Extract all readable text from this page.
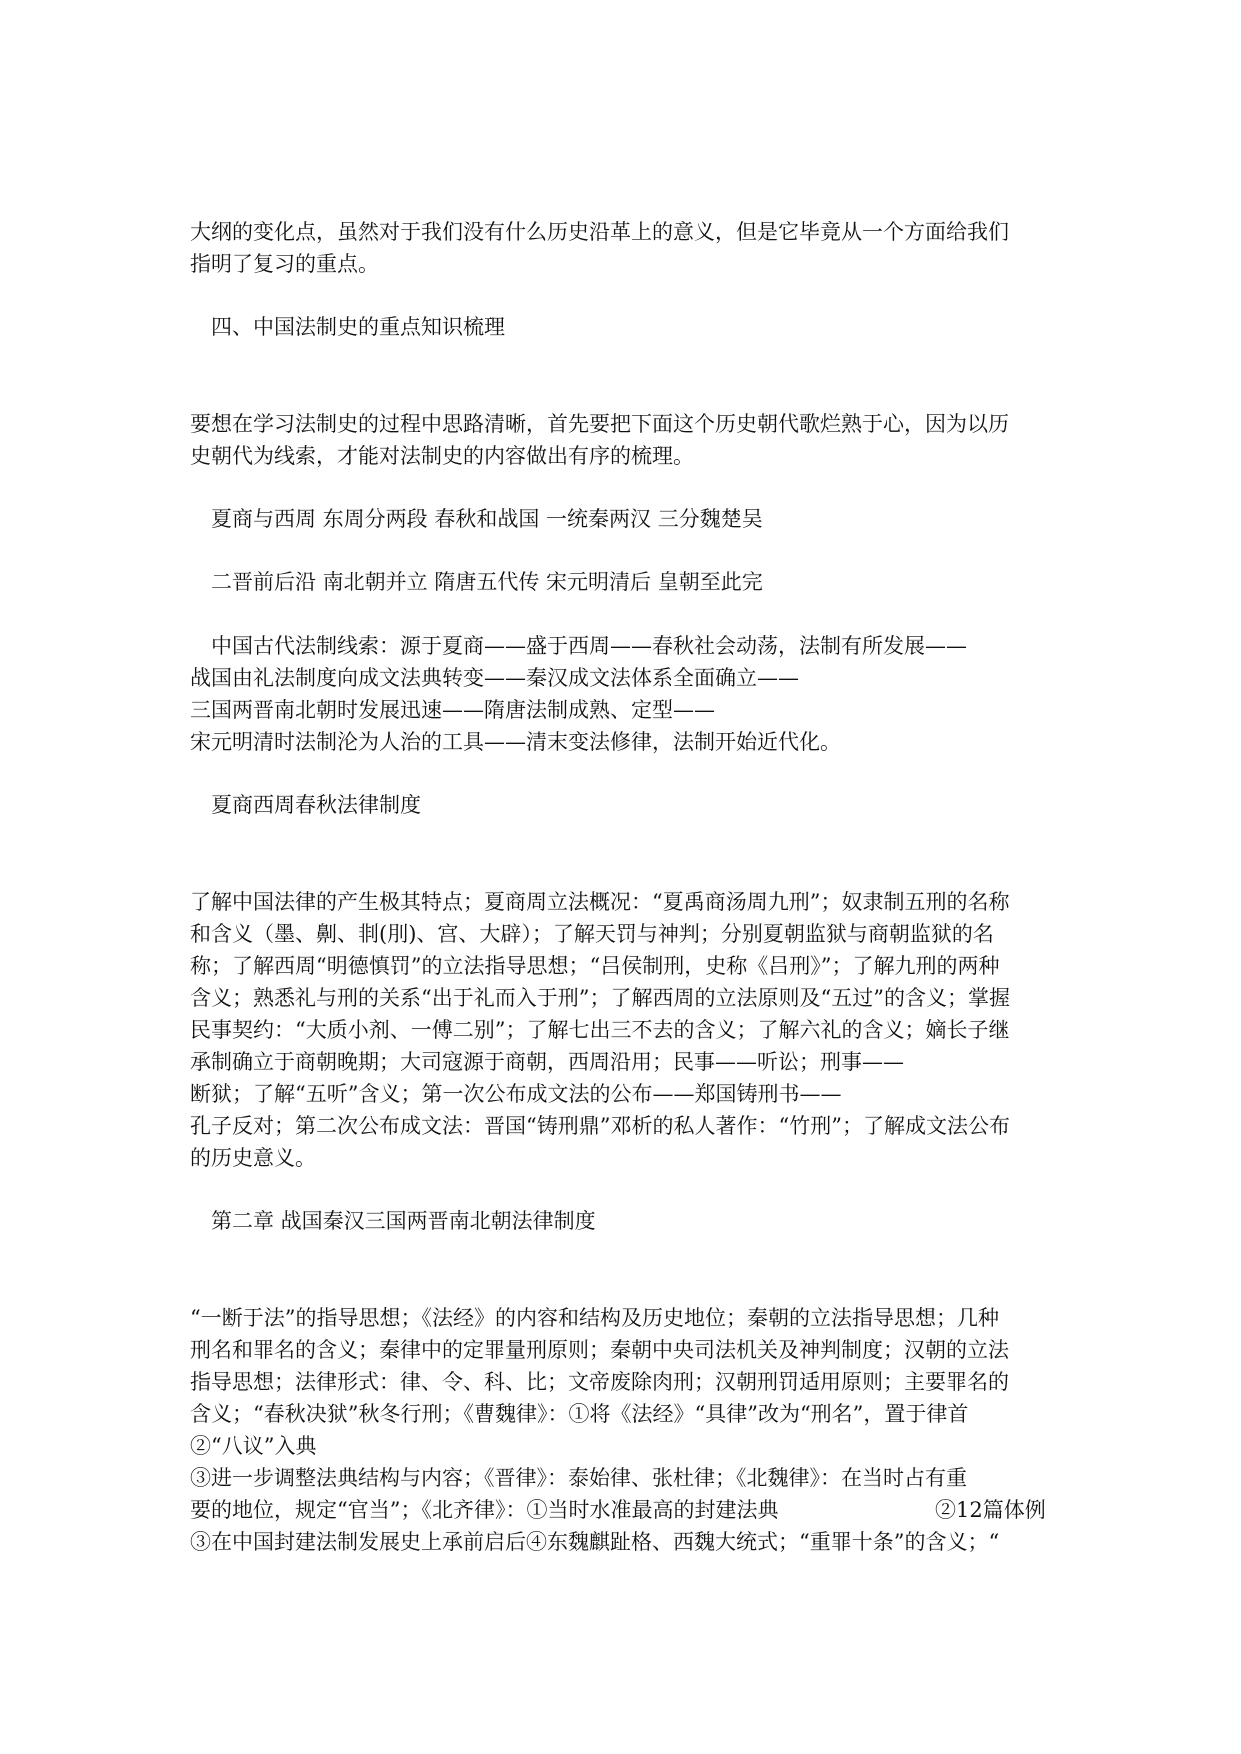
大纲的变化点，虽然对于我们没有什么历史沿革上的意义，但是它毕竟从一个方面给我们
指明了复习的重点。
四、中国法制史的重点知识梳理
要想在学习法制史的过程中思路清晰，首先要把下面这个历史朝代歌烂熟于心，因为以历
史朝代为线索，才能对法制史的内容做出有序的梳理。
夏商与西周 东周分两段 春秋和战国 一统秦两汉 三分魏楚吴
二晋前后沿 南北朝并立 隋唐五代传 宋元明清后 皇朝至此完
中国古代法制线索：源于夏商——盛于西周——春秋社会动荡，法制有所发展——
战国由礼法制度向成文法典转变——秦汉成文法体系全面确立——
三国两晋南北朝时发展迅速——隋唐法制成熟、定型——
宋元明清时法制沦为人治的工具——清末变法修律，法制开始近代化。
夏商西周春秋法律制度
了解中国法律的产生极其特点；夏商周立法概况：“夏禹商汤周九刑”；奴隶制五刑的名称
和含义（墨、劓、剕(刖)、宫、大辟）；了解天罚与神判；分别夏朝监狱与商朝监狱的名
称；了解西周“明德慎罚”的立法指导思想；“吕侯制刑，史称《吕刑》”；了解九刑的两种
含义；熟悉礼与刑的关系“出于礼而入于刑”；了解西周的立法原则及“五过”的含义；掌握
民事契约：“大质小剂、一傅二别”；了解七出三不去的含义；了解六礼的含义；嫡长子继
承制确立于商朝晚期；大司寇源于商朝，西周沿用；民事——听讼；刑事——
断狱；了解“五听”含义；第一次公布成文法的公布——郑国铸刑书——
孔子反对；第二次公布成文法：晋国“铸刑鼎”邓析的私人著作：“竹刑”；了解成文法公布
的历史意义。
第二章 战国秦汉三国两晋南北朝法律制度
“一断于法”的指导思想；《法经》的内容和结构及历史地位；秦朝的立法指导思想；几种
刑名和罪名的含义；秦律中的定罪量刑原则；秦朝中央司法机关及神判制度；汉朝的立法
指导思想；法律形式：律、令、科、比；文帝废除肉刑；汉朝刑罚适用原则；主要罪名的
含义；“春秋决狱”秋冬行刑；《曹魏律》：①将《法经》“具律”改为“刑名”，置于律首
②“八议”入典
③进一步调整法典结构与内容；《晋律》：泰始律、张杜律；《北魏律》：在当时占有重
要的地位，规定“官当”；《北齐律》：①当时水准最高的封建法典
③在中国封建法制发展史上承前启后④东魏麒趾格、西魏大统式；“重罪十条”的含义；“
②12篇体例
